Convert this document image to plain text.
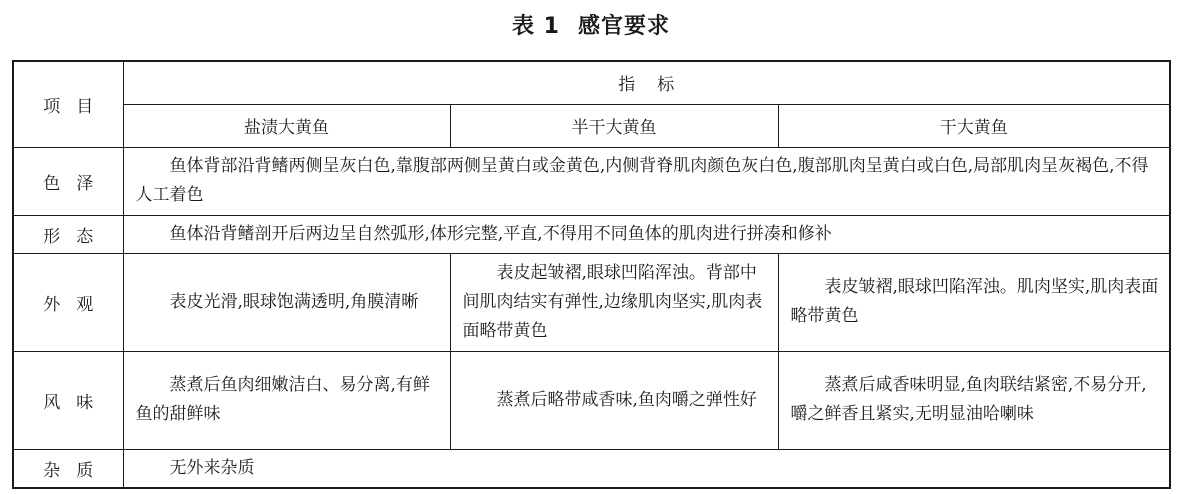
表 1 感官要求
项目	指标		
	盐渍大黄鱼	半干大黄鱼	干大黄鱼
色泽	鱼体背部沿背鳍两侧呈灰白色,靠腹部两侧呈黄白或金黄色,内侧背脊肌肉颜色灰白色,腹部肌肉呈黄白或白色,局部肌肉呈灰褐色,不得人工着色		
形态	鱼体沿背鳍剖开后两边呈自然弧形,体形完整,平直,不得用不同鱼体的肌肉进行拼凑和修补		
外观	表皮光滑,眼球饱满透明,角膜清晰	表皮起皱褶,眼球凹陷浑浊。背部中间肌肉结实有弹性,边缘肌肉坚实,肌肉表面略带黄色	表皮皱褶,眼球凹陷浑浊。肌肉坚实,肌肉表面略带黄色
风味	蒸煮后鱼肉细嫩洁白、易分离,有鲜鱼的甜鲜味	蒸煮后略带咸香味,鱼肉嚼之弹性好	蒸煮后咸香味明显,鱼肉联结紧密,不易分开,嚼之鲜香且紧实,无明显油哈喇味
杂质	无外来杂质		
